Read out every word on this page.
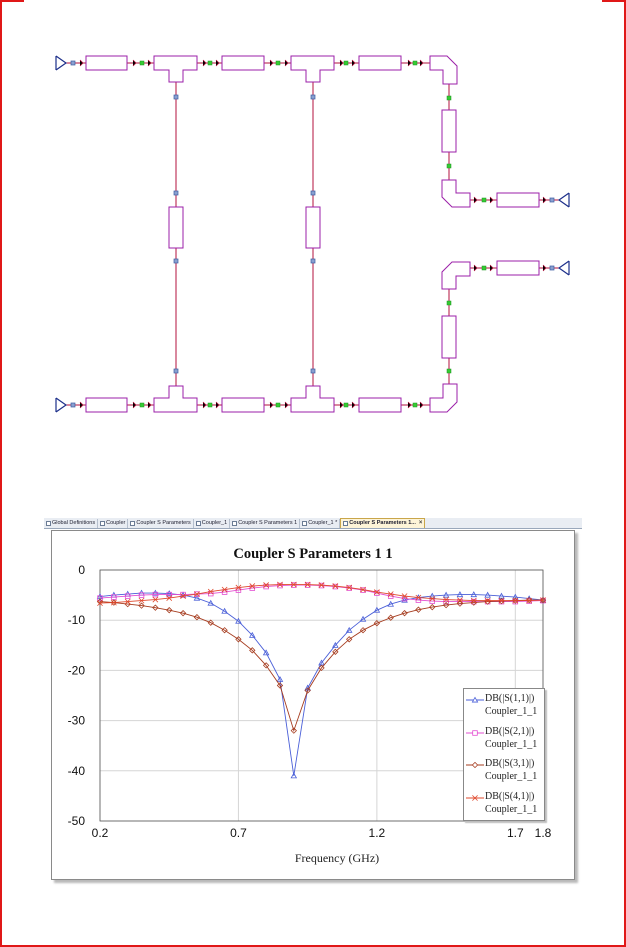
Global Definitions Coupler Coupler S Parameters Coupler_1 Coupler S Parameters 1 Coupler_1 * Coupler S Parameters 1... ×
0.2	0.7	1.2	1.7 1.8
0
-10
-20
-30
-40
-50
Coupler S Parameters 1 1
Frequency (GHz)
DB(|S(1,1)|)
Coupler_1_1
DB(|S(2,1)|)
Coupler_1_1
DB(|S(3,1)|)
Coupler_1_1
DB(|S(4,1)|)
Coupler_1_1
